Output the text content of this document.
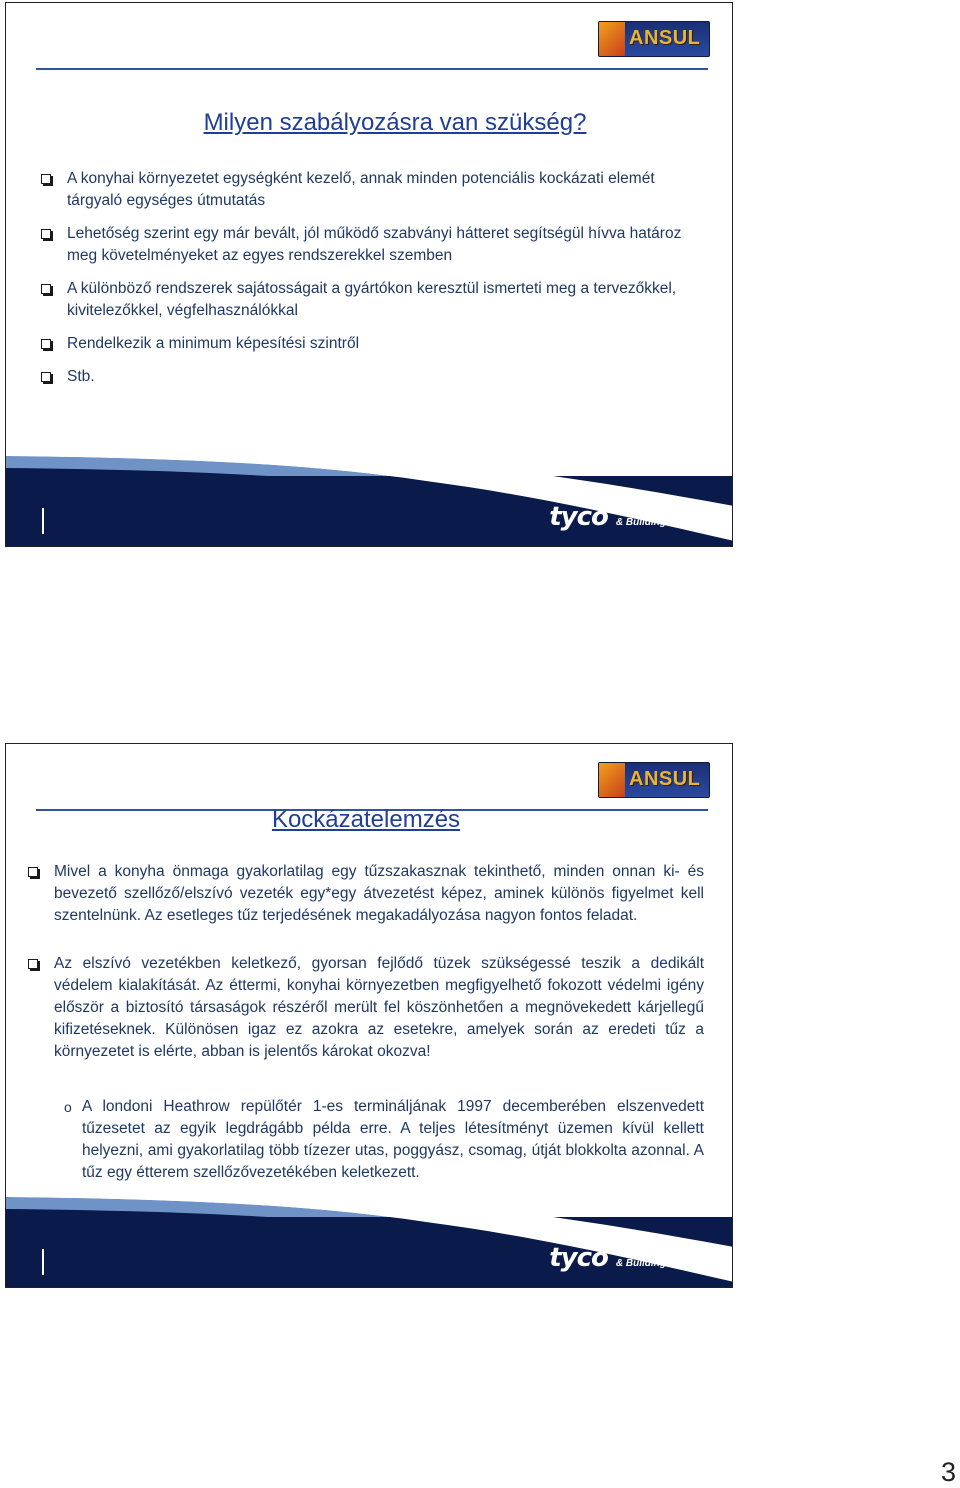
ANSUL
Milyen szabályozásra van szükség?
A konyhai környezetet egységként kezelő, annak minden potenciális kockázati elemét tárgyaló egységes útmutatás
Lehetőség szerint egy már bevált, jól működő szabványi hátteret segítségül hívva határoz meg követelményeket az egyes rendszerekkel szemben
A különböző rendszerek sajátosságait a gyártókon keresztül ismerteti meg a tervezőkkel, kivitelezőkkel, végfelhasználókkal
Rendelkezik a minimum képesítési szintről
Stb.
tyco Fire Suppression
& Building Products
ANSUL
Kockázatelemzés
Mivel a konyha önmaga gyakorlatilag egy tűzszakasznak tekinthető, minden onnan ki- és bevezető szellőző/elszívó vezeték egy*egy átvezetést képez, aminek különös figyelmet kell szentelnünk. Az esetleges tűz terjedésének megakadályozása nagyon fontos feladat.
Az elszívó vezetékben keletkező, gyorsan fejlődő tüzek szükségessé teszik a dedikált védelem kialakítását. Az éttermi, konyhai környezetben megfigyelhető fokozott védelmi igény először a biztosító társaságok részéről merült fel köszönhetően a megnövekedett kárjellegű kifizetéseknek. Különösen igaz ez azokra az esetekre, amelyek során az eredeti tűz a környezetet is elérte, abban is jelentős károkat okozva!
o A londoni Heathrow repülőtér 1-es termináljának 1997 decemberében elszenvedett tűzesetet az egyik legdrágább példa erre. A teljes létesítményt üzemen kívül kellett helyezni, ami gyakorlatilag több tízezer utas, poggyász, csomag, útját blokkolta azonnal. A tűz egy étterem szellőzővezetékében keletkezett.
tyco Fire Suppression
& Building Products
3
